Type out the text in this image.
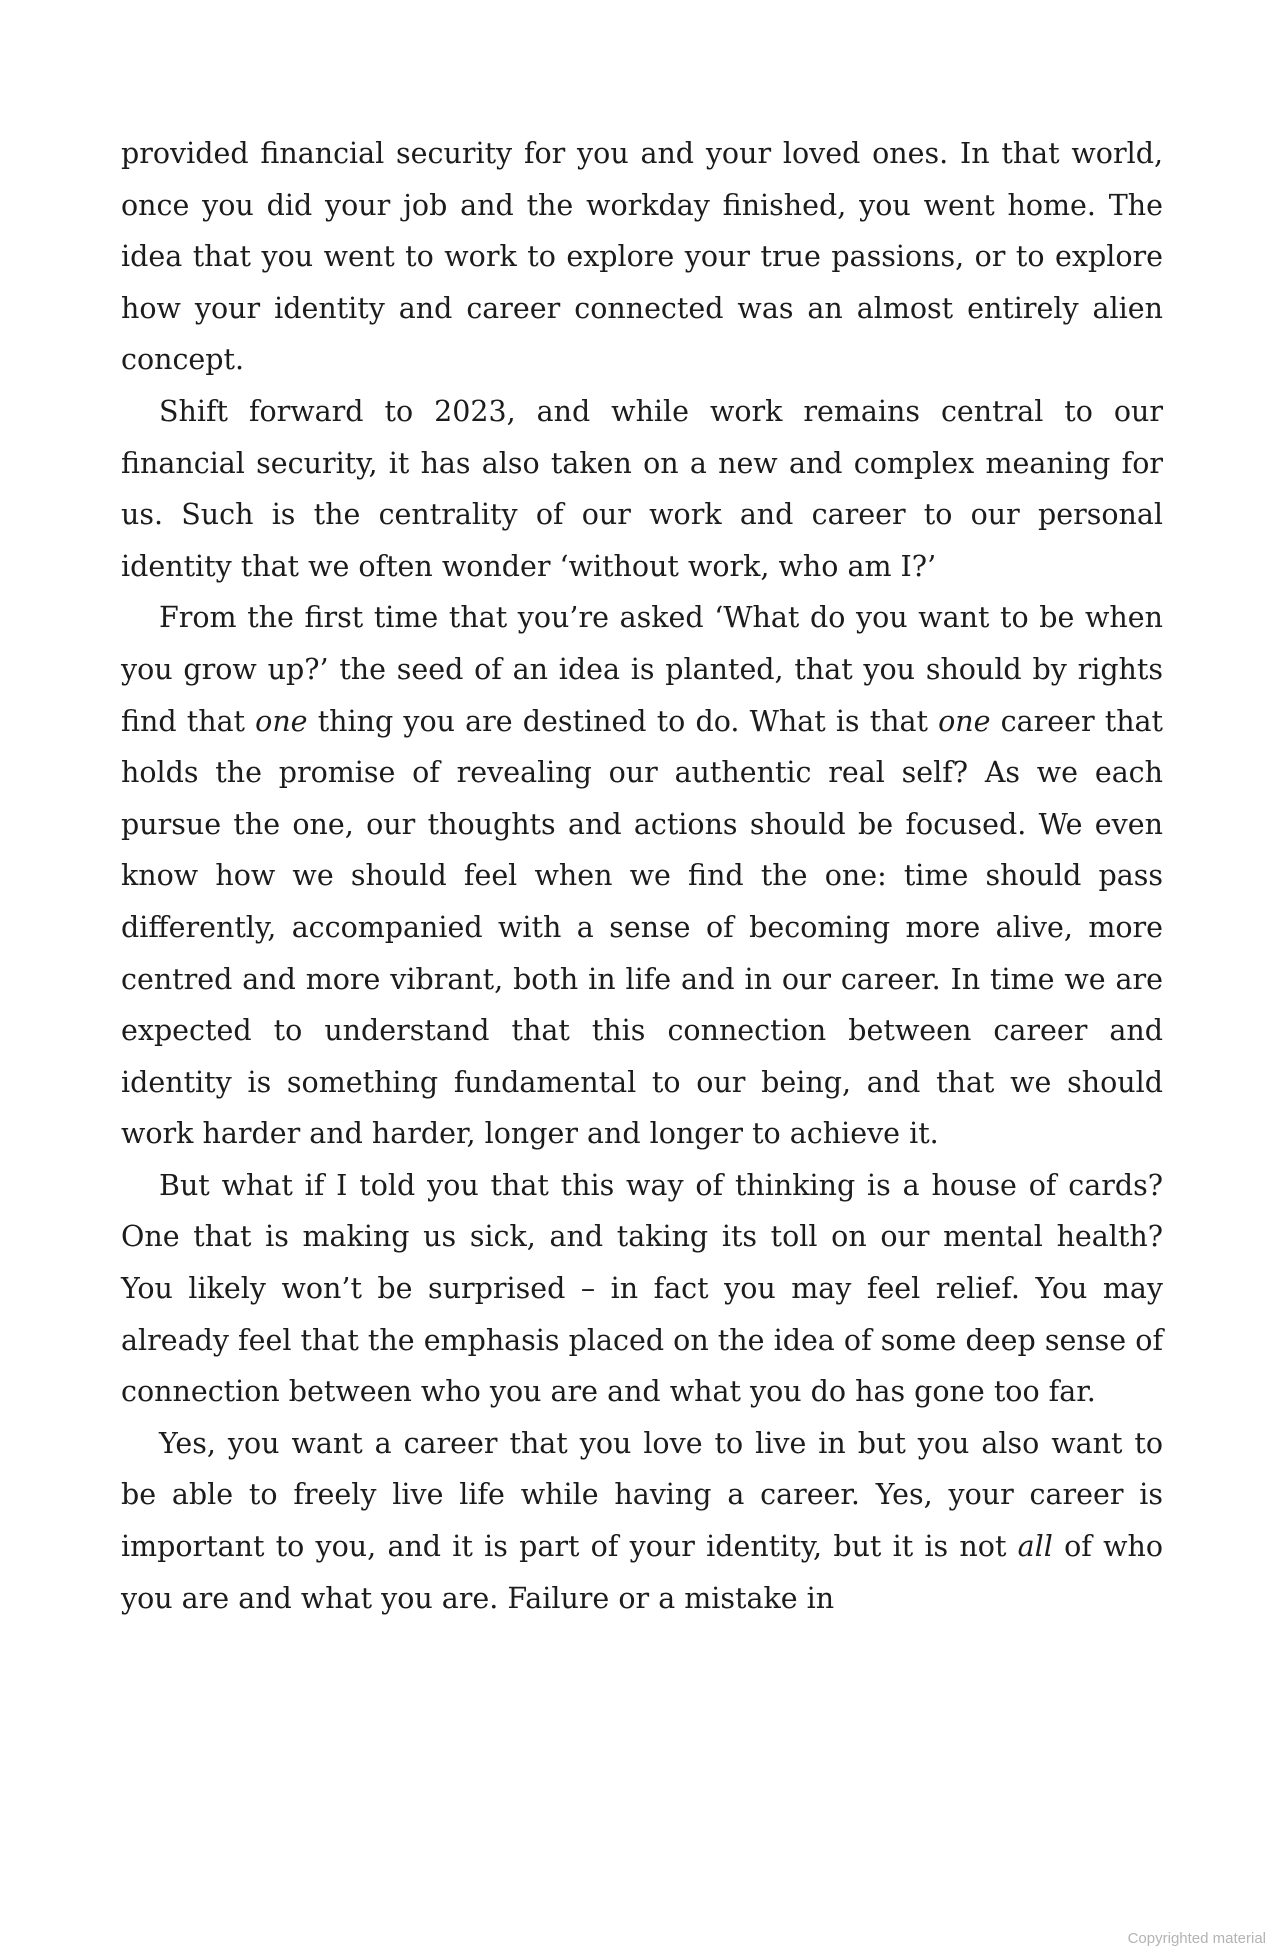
provided financial security for you and your loved ones. In that world, once you did your job and the workday finished, you went home. The idea that you went to work to explore your true passions, or to explore how your identity and career connected was an almost entirely alien concept.

Shift forward to 2023, and while work remains central to our financial security, it has also taken on a new and complex meaning for us. Such is the centrality of our work and career to our personal identity that we often wonder ‘without work, who am I?’

From the first time that you’re asked ‘What do you want to be when you grow up?’ the seed of an idea is planted, that you should by rights find that one thing you are destined to do. What is that one career that holds the promise of revealing our authentic real self? As we each pursue the one, our thoughts and actions should be focused. We even know how we should feel when we find the one: time should pass differently, accompanied with a sense of becoming more alive, more centred and more vibrant, both in life and in our career. In time we are expected to understand that this connection between career and identity is something fundamental to our being, and that we should work harder and harder, longer and longer to achieve it.

But what if I told you that this way of thinking is a house of cards? One that is making us sick, and taking its toll on our mental health? You likely won’t be surprised – in fact you may feel relief. You may already feel that the emphasis placed on the idea of some deep sense of connection between who you are and what you do has gone too far.

Yes, you want a career that you love to live in but you also want to be able to freely live life while having a career. Yes, your career is important to you, and it is part of your identity, but it is not all of who you are and what you are. Failure or a mistake in

Copyrighted material
